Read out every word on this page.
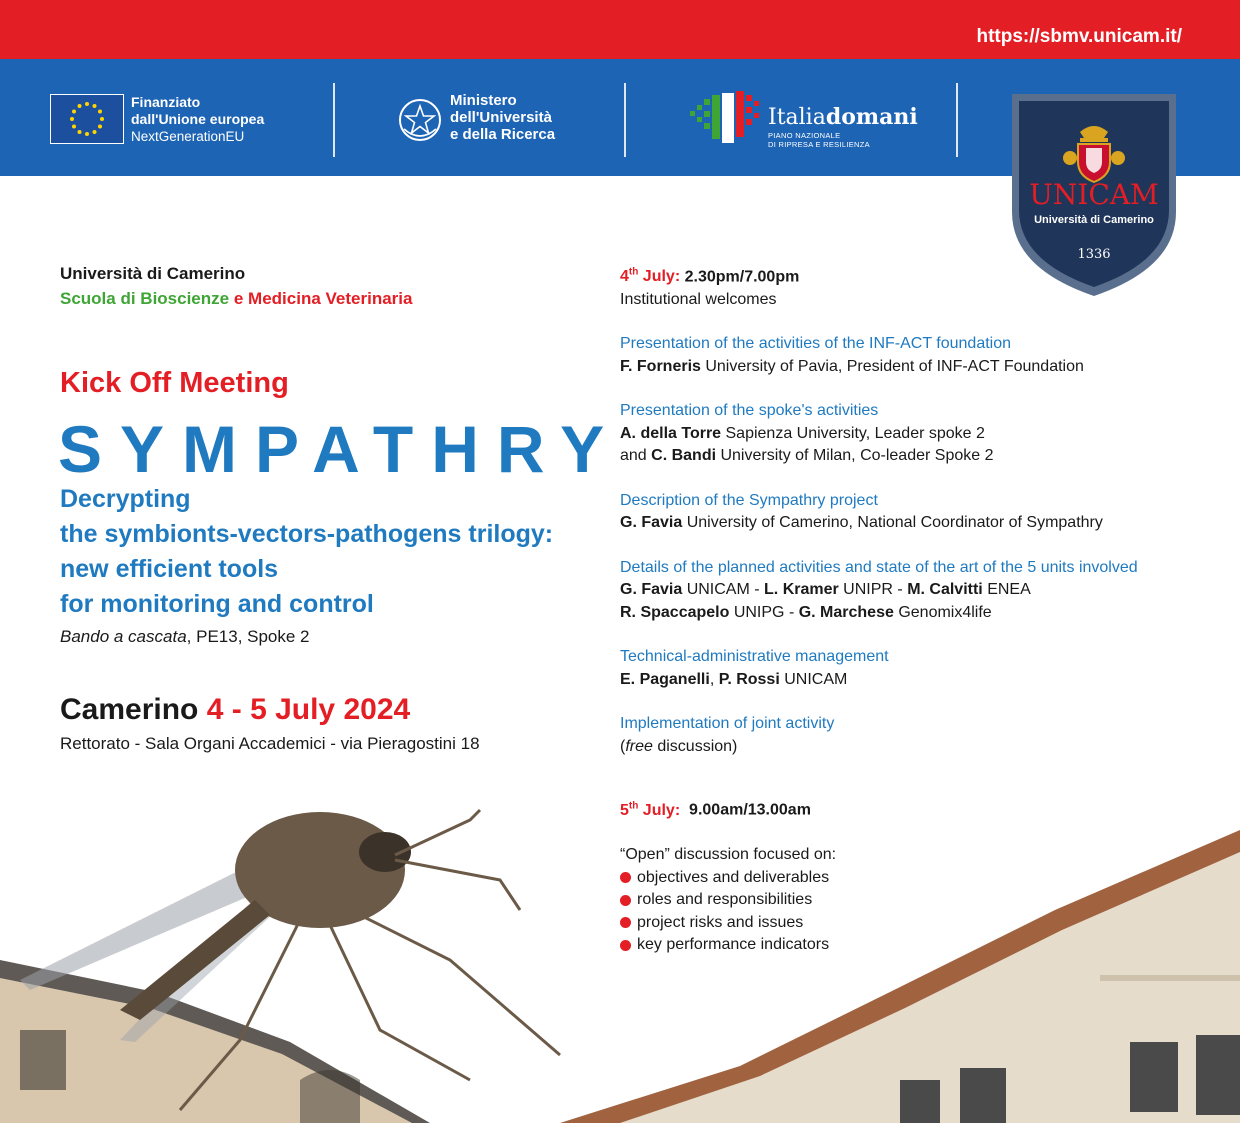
https://sbmv.unicam.it/
Finanziato
dall'Unione europea
NextGenerationEU
Ministero
dell'Università
e della Ricerca
Italiadomani
PIANO NAZIONALE
DI RIPRESA E RESILIENZA
UNICAM
Università di Camerino
1336
Università di Camerino
Scuola di Bioscienze e Medicina Veterinaria
Kick Off Meeting
SYMPATHRY
Decrypting
the symbionts-vectors-pathogens trilogy:
new efficient tools
for monitoring and control
Bando a cascata, PE13, Spoke 2
Camerino 4 - 5 July 2024
Rettorato - Sala Organi Accademici - via Pieragostini 18
4th July: 2.30pm/7.00pm
Institutional welcomes
Presentation of the activities of the INF-ACT foundation
F. Forneris University of Pavia, President of INF-ACT Foundation
Presentation of the spoke's activities
A. della Torre Sapienza University, Leader spoke 2
and C. Bandi University of Milan, Co-leader Spoke 2
Description of the Sympathry project
G. Favia University of Camerino, National Coordinator of Sympathry
Details of the planned activities and state of the art of the 5 units involved
G. Favia UNICAM - L. Kramer UNIPR - M. Calvitti ENEA
R. Spaccapelo UNIPG - G. Marchese Genomix4life
Technical-administrative management
E. Paganelli, P. Rossi UNICAM
Implementation of joint activity
(free discussion)
5th July:  9.00am/13.00am
“Open” discussion focused on:
objectives and deliverables
roles and responsibilities
project risks and issues
key performance indicators
